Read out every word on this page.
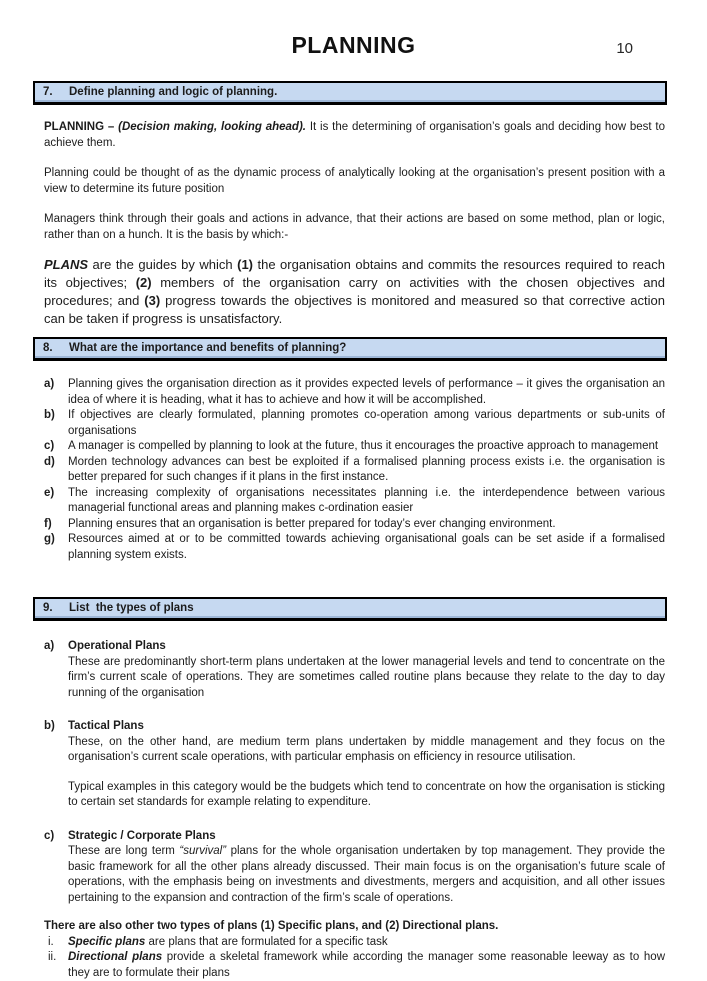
10
PLANNING
7.	Define planning and logic of planning.

PLANNING – (Decision making, looking ahead). It is the determining of organisation’s goals and deciding how best to achieve them.

Planning could be thought of as the dynamic process of analytically looking at the organisation’s present position with a view to determine its future position

Managers think through their goals and actions in advance, that their actions are based on some method, plan or logic, rather than on a hunch. It is the basis by which:-

PLANS are the guides by which (1) the organisation obtains and commits the resources required to reach its objectives; (2) members of the organisation carry on activities with the chosen objectives and procedures; and (3) progress towards the objectives is monitored and measured so that corrective action can be taken if progress is unsatisfactory.

8.	What are the importance and benefits of planning?
a)	Planning gives the organisation direction as it provides expected levels of performance – it gives the organisation an idea of where it is heading, what it has to achieve and how it will be accomplished.
b)	If objectives are clearly formulated, planning promotes co-operation among various departments or sub-units of organisations
c)	A manager is compelled by planning to look at the future, thus it encourages the proactive approach to management
d)	Morden technology advances can best be exploited if a formalised planning process exists i.e. the organisation is better prepared for such changes if it plans in the first instance.
e)	The increasing complexity of organisations necessitates planning i.e. the interdependence between various managerial functional areas and planning makes c-ordination easier
f)	Planning ensures that an organisation is better prepared for today’s ever changing environment.
g)	Resources aimed at or to be committed towards achieving organisational goals can be set aside if a formalised planning system exists.
9.	List  the types of plans
a)	Operational Plans
These are predominantly short-term plans undertaken at the lower managerial levels and tend to concentrate on the firm’s current scale of operations. They are sometimes called routine plans because they relate to the day to day running of the organisation
b)	Tactical Plans
These, on the other hand, are medium term plans undertaken by middle management and they focus on the organisation’s current scale operations, with particular emphasis on efficiency in resource utilisation.
Typical examples in this category would be the budgets which tend to concentrate on how the organisation is sticking to certain set standards for example relating to expenditure.
c)	Strategic / Corporate Plans
These are long term “survival” plans for the whole organisation undertaken by top management. They provide the basic framework for all the other plans already discussed. Their main focus is on the organisation’s future scale of operations, with the emphasis being on investments and divestments, mergers and acquisition, and all other issues pertaining to the expansion and contraction of the firm’s scale of operations.
There are also other two types of plans (1) Specific plans, and (2) Directional plans.
i.	Specific plans are plans that are formulated for a specific task
ii.	Directional plans provide a skeletal framework while according the manager some reasonable leeway as to how they are to formulate their plans
